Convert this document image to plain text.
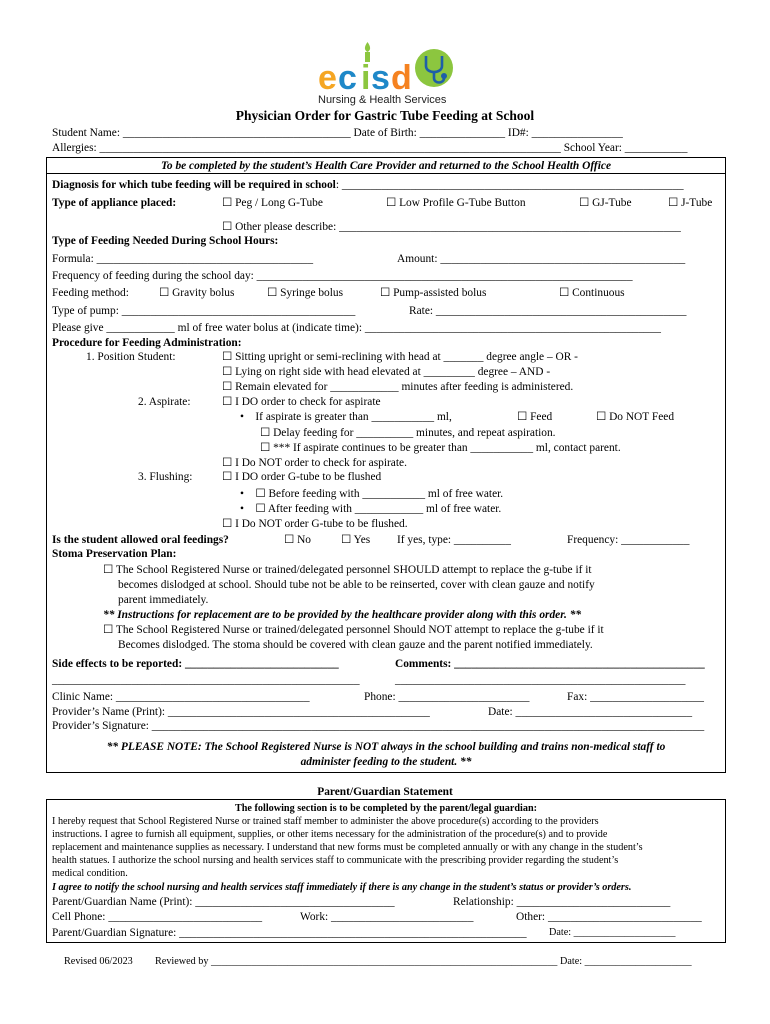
e c i s d
Nursing & Health Services
Physician Order for Gastric Tube Feeding at School
Student Name: ________________________________________ Date of Birth: _______________ ID#: ________________
Allergies: _________________________________________________________________________________ School Year: ___________
To be completed by the student’s Health Care Provider and returned to the School Health Office
Diagnosis for which tube feeding will be required in school: ____________________________________________________________
Type of appliance placed:	☐ Peg / Long G-Tube	☐ Low Profile G-Tube Button	☐ GJ-Tube	☐ J-Tube
☐ Other please describe: ____________________________________________________________
Type of Feeding Needed During School Hours:
Formula: ______________________________________	Amount: ___________________________________________
Frequency of feeding during the school day: __________________________________________________________________
Feeding method:	☐ Gravity bolus	☐ Syringe bolus	☐ Pump-assisted bolus	☐ Continuous
Type of pump: _________________________________________	Rate: ____________________________________________
Please give ____________ ml of free water bolus at (indicate time): ____________________________________________________
Procedure for Feeding Administration:
1. Position Student:	☐ Sitting upright or semi-reclining with head at _______ degree angle – OR -
☐ Lying on right side with head elevated at _________ degree – AND -
☐ Remain elevated for ____________ minutes after feeding is administered.
2. Aspirate:	☐ I DO order to check for aspirate
•    If aspirate is greater than ___________ ml,	☐ Feed	☐ Do NOT Feed
☐ Delay feeding for __________ minutes, and repeat aspiration.
☐ *** If aspirate continues to be greater than ___________ ml, contact parent.
☐ I Do NOT order to check for aspirate.
3. Flushing:	☐ I DO order G-tube to be flushed
•    ☐ Before feeding with ___________ ml of free water.
•    ☐ After feeding with ____________ ml of free water.
☐ I Do NOT order G-tube to be flushed.
Is the student allowed oral feedings?	☐ No	☐ Yes If yes, type: __________	Frequency: ____________
Stoma Preservation Plan:
☐ The School Registered Nurse or trained/delegated personnel SHOULD attempt to replace the g-tube if it
becomes dislodged at school. Should tube not be able to be reinserted, cover with clean gauze and notify
parent immediately.
** Instructions for replacement are to be provided by the healthcare provider along with this order. **
☐ The School Registered Nurse or trained/delegated personnel Should NOT attempt to replace the g-tube if it
Becomes dislodged. The stoma should be covered with clean gauze and the parent notified immediately.
Side effects to be reported: ___________________________	Comments: ____________________________________________
______________________________________________________	___________________________________________________
Clinic Name: __________________________________	Phone: _______________________	Fax: ____________________
Provider’s Name (Print): ______________________________________________	Date: _______________________________
Provider’s Signature: _________________________________________________________________________________________________
** PLEASE NOTE: The School Registered Nurse is NOT always in the school building and trains non-medical staff to
administer feeding to the student. **
Parent/Guardian Statement
The following section is to be completed by the parent/legal guardian:
I hereby request that School Registered Nurse or trained staff member to administer the above procedure(s) according to the providers
instructions. I agree to furnish all equipment, supplies, or other items necessary for the administration of the procedure(s) and to provide
replacement and maintenance supplies as necessary. I understand that new forms must be completed annually or with any change in the student’s
health statues. I authorize the school nursing and health services staff to communicate with the prescribing provider regarding the student’s
medical condition.
I agree to notify the school nursing and health services staff immediately if there is any change in the student’s status or provider’s orders.
Parent/Guardian Name (Print): ___________________________________	Relationship: ___________________________
Cell Phone: ___________________________	Work: _________________________	Other: ___________________________
Parent/Guardian Signature: _____________________________________________________________ Date: ____________________
Revised 06/2023 Reviewed by ____________________________________________________________________ Date: _____________________
